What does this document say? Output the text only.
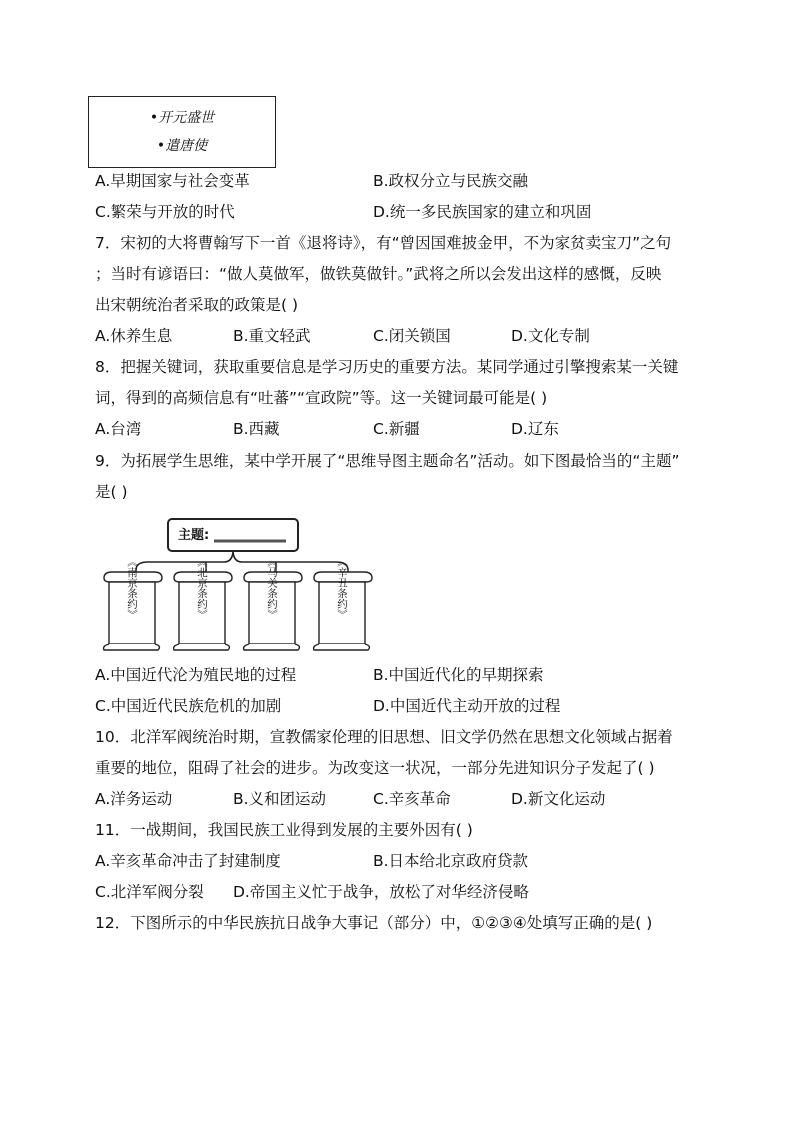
•开元盛世
•遣唐使
A.早期国家与社会变革	B.政权分立与民族交融
C.繁荣与开放的时代	D.统一多民族国家的建立和巩固
7．宋初的大将曹翰写下一首《退将诗》，有“曾因国难披金甲，不为家贫卖宝刀”之句
；当时有谚语曰：“做人莫做军，做铁莫做针。”武将之所以会发出这样的感慨，反映
出宋朝统治者采取的政策是( )
A.休养生息	B.重文轻武	C.闭关锁国	D.文化专制
8．把握关键词，获取重要信息是学习历史的重要方法。某同学通过引擎搜索某一关键
词，得到的高频信息有“吐蕃”“宣政院”等。这一关键词最可能是( )
A.台湾	B.西藏	C.新疆	D.辽东
9．为拓展学生思维，某中学开展了“思维导图主题命名”活动。如下图最恰当的“主题”
是( )
主题:
《南京条约》	《北京条约》	《马关条约》	《辛丑条约》
A.中国近代沦为殖民地的过程	B.中国近代化的早期探索
C.中国近代民族危机的加剧	D.中国近代主动开放的过程
10．北洋军阀统治时期，宣教儒家伦理的旧思想、旧文学仍然在思想文化领域占据着
重要的地位，阻碍了社会的进步。为改变这一状况，一部分先进知识分子发起了( )
A.洋务运动	B.义和团运动	C.辛亥革命	D.新文化运动
11．一战期间，我国民族工业得到发展的主要外因有( )
A.辛亥革命冲击了封建制度	B.日本给北京政府贷款
C.北洋军阀分裂 D.帝国主义忙于战争，放松了对华经济侵略
12．下图所示的中华民族抗日战争大事记（部分）中，①②③④处填写正确的是( )
